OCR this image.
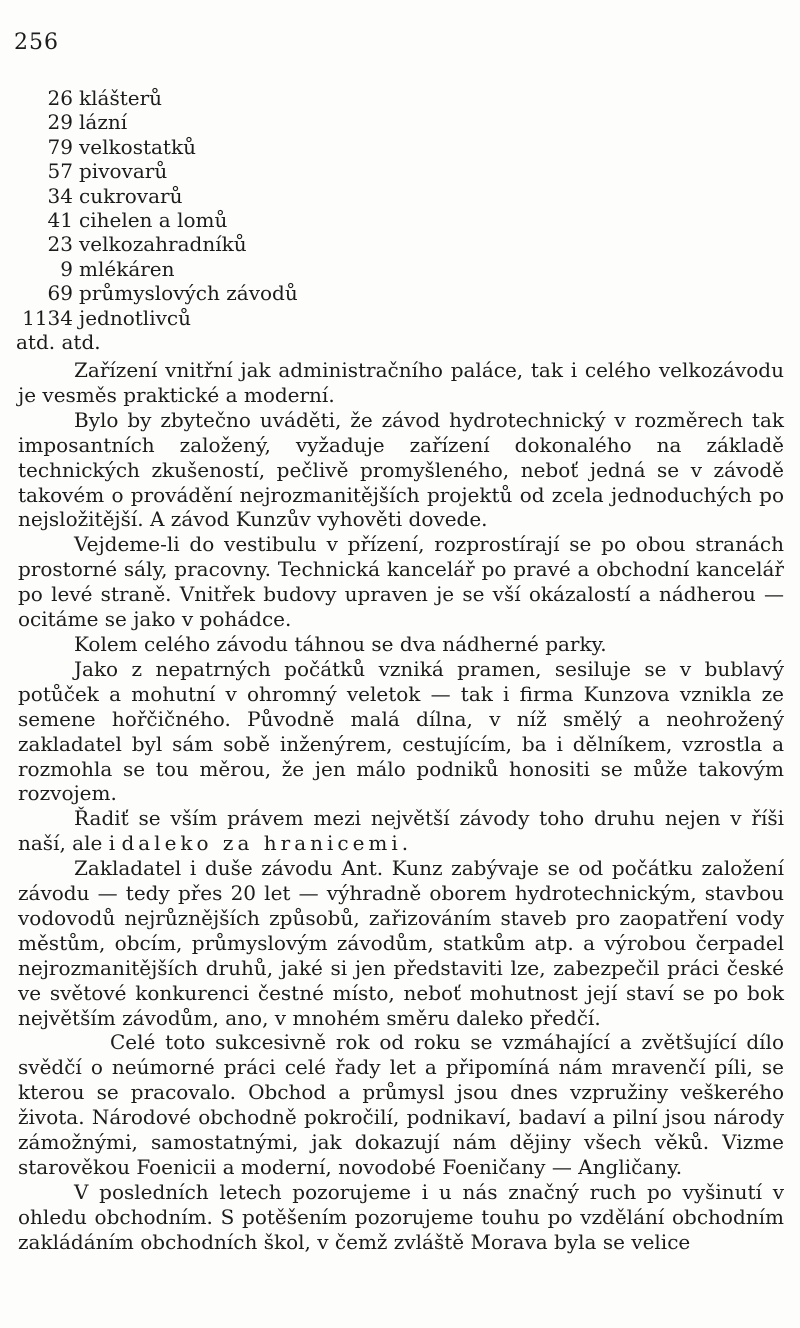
256
26 klášterů
29 lázní
79 velkostatků
57 pivovarů
34 cukrovarů
41 cihelen a lomů
23 velkozahradníků
9 mlékáren
69 průmyslových závodů
1134 jednotlivců
atd. atd.

Zařízení vnitřní jak administračního paláce, tak i celého velkozávodu je vesměs praktické a moderní.

Bylo by zbytečno uváděti, že závod hydrotechnický v rozměrech tak imposantních založený, vyžaduje zařízení dokonalého na základě technických zkušeností, pečlivě promyšleného, neboť jedná se v závodě takovém o provádění nejrozmanitějších projektů od zcela jednoduchých po nejsložitější. A závod Kunzův vyhověti dovede.

Vejdeme-li do vestibulu v přízení, rozprostírají se po obou stranách prostorné sály, pracovny. Technická kancelář po pravé a obchodní kancelář po levé straně. Vnitřek budovy upraven je se vší okázalostí a nádherou — ocitáme se jako v pohádce.

Kolem celého závodu táhnou se dva nádherné parky.

Jako z nepatrných počátků vzniká pramen, sesiluje se v bublavý potůček a mohutní v ohromný veletok — tak i firma Kunzova vznikla ze semene hořčičného. Původně malá dílna, v níž smělý a neohrožený zakladatel byl sám sobě inženýrem, cestujícím, ba i dělníkem, vzrostla a rozmohla se tou měrou, že jen málo podniků honositi se může takovým rozvojem.

Řadiť se vším právem mezi největší závody toho druhu nejen v říši naší, ale i daleko za hranicemi.

Zakladatel i duše závodu Ant. Kunz zabývaje se od počátku založení závodu — tedy přes 20 let — výhradně oborem hydrotechnickým, stavbou vodovodů nejrůznějších způsobů, zařizováním staveb pro zaopatření vody městům, obcím, průmyslovým závodům, statkům atp. a výrobou čerpadel nejrozmanitějších druhů, jaké si jen představiti lze, zabezpečil práci české ve světové konkurenci čestné místo, neboť mohutnost její staví se po bok největším závodům, ano, v mnohém směru daleko předčí.

Celé toto sukcesivně rok od roku se vzmáhající a zvětšující dílo svědčí o neúmorné práci celé řady let a připomíná nám mravenčí píli, se kterou se pracovalo. Obchod a průmysl jsou dnes vzpružiny veškerého života. Národové obchodně pokročilí, podnikaví, badaví a pilní jsou národy zámožnými, samostatnými, jak dokazují nám dějiny všech věků. Vizme starověkou Foenicii a moderní, novodobé Foeničany — Angličany.

V posledních letech pozorujeme i u nás značný ruch po vyšinutí v ohledu obchodním. S potěšením pozorujeme touhu po vzdělání obchodním zakládáním obchodních škol, v čemž zvláště Morava byla se velice
